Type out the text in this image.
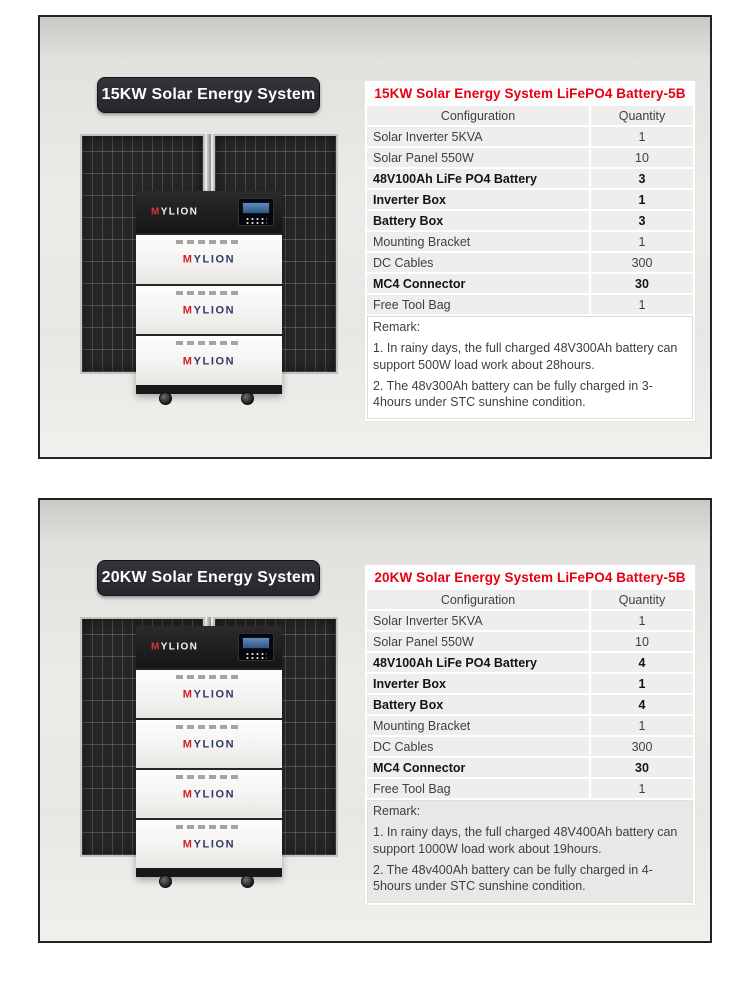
15KW Solar Energy System
MYLION
MYLION
MYLION
MYLION
15KW Solar Energy System LiFePO4 Battery-5B	
Configuration	Quantity
Solar Inverter 5KVA	1
Solar Panel 550W	10
48V100Ah LiFe PO4 Battery	3
Inverter Box	1
Battery Box	3
Mounting Bracket	1
DC Cables	300
MC4 Connector	30
Free Tool Bag	1

Remark:
1. In rainy days, the full charged 48V300Ah battery can support 500W load work about 28hours.
2. The 48v300Ah battery can be fully charged in 3-4hours under STC sunshine condition.	
20KW Solar Energy System
MYLION
MYLION
MYLION
MYLION
MYLION
20KW Solar Energy System LiFePO4 Battery-5B	
Configuration	Quantity
Solar Inverter 5KVA	1
Solar Panel 550W	10
48V100Ah LiFe PO4 Battery	4
Inverter Box	1
Battery Box	4
Mounting Bracket	1
DC Cables	300
MC4 Connector	30
Free Tool Bag	1

Remark:
1. In rainy days, the full charged 48V400Ah battery can support 1000W load work about 19hours.
2. The 48v400Ah battery can be fully charged in 4-5hours under STC sunshine condition.	
